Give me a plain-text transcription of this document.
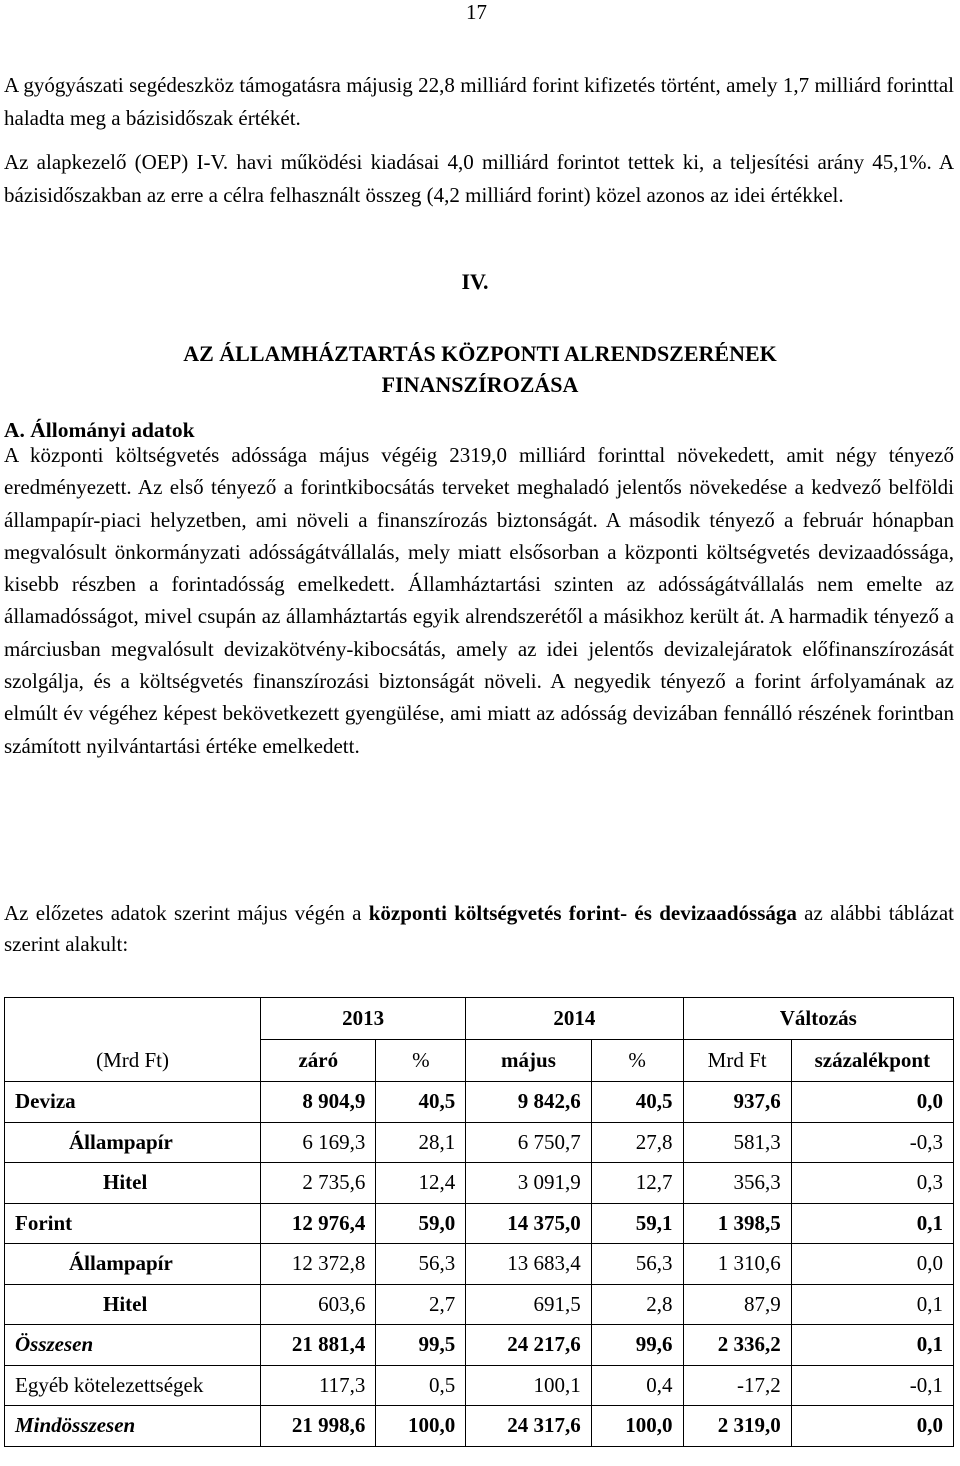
17

A gyógyászati segédeszköz támogatásra májusig 22,8 milliárd forint kifizetés történt, amely 1,7 milliárd forinttal haladta meg a bázisidőszak értékét.

Az alapkezelő (OEP) I-V. havi működési kiadásai 4,0 milliárd forintot tettek ki, a teljesítési arány 45,1%. A bázisidőszakban az erre a célra felhasznált összeg (4,2 milliárd forint) közel azonos az idei értékkel.

IV.
AZ ÁLLAMHÁZTARTÁS KÖZPONTI ALRENDSZERÉNEK
FINANSZÍROZÁSA
A. Állományi adatok

A központi költségvetés adóssága május végéig 2319,0 milliárd forinttal növekedett, amit négy tényező eredményezett. Az első tényező a forintkibocsátás terveket meghaladó jelentős növekedése a kedvező belföldi állampapír-piaci helyzetben, ami növeli a finanszírozás biztonságát. A második tényező a február hónapban megvalósult önkormányzati adósságátvállalás, mely miatt elsősorban a központi költségvetés devizaadóssága, kisebb részben a forintadósság emelkedett. Államháztartási szinten az adósságátvállalás nem emelte az államadósságot, mivel csupán az államháztartás egyik alrendszerétől a másikhoz került át. A harmadik tényező a márciusban megvalósult devizakötvény-kibocsátás, amely az idei jelentős devizalejáratok előfinanszírozását szolgálja, és a költségvetés finanszírozási biztonságát növeli. A negyedik tényező a forint árfolyamának az elmúlt év végéhez képest bekövetkezett gyengülése, ami miatt az adósság devizában fennálló részének forintban számított nyilvántartási értéke emelkedett.

Az előzetes adatok szerint május végén a központi költségvetés forint- és devizaadóssága az alábbi táblázat szerint alakult:

	2013		2014		Változás	
(Mrd Ft)	záró	%	május	%	Mrd Ft	százalékpont
Deviza	8 904,9	40,5	9 842,6	40,5	937,6	0,0
Állampapír	6 169,3	28,1	6 750,7	27,8	581,3	-0,3
Hitel	2 735,6	12,4	3 091,9	12,7	356,3	0,3
Forint	12 976,4	59,0	14 375,0	59,1	1 398,5	0,1
Állampapír	12 372,8	56,3	13 683,4	56,3	1 310,6	0,0
Hitel	603,6	2,7	691,5	2,8	87,9	0,1
Összesen	21 881,4	99,5	24 217,6	99,6	2 336,2	0,1
Egyéb kötelezettségek	117,3	0,5	100,1	0,4	-17,2	-0,1
Mindösszesen	21 998,6	100,0	24 317,6	100,0	2 319,0	0,0
